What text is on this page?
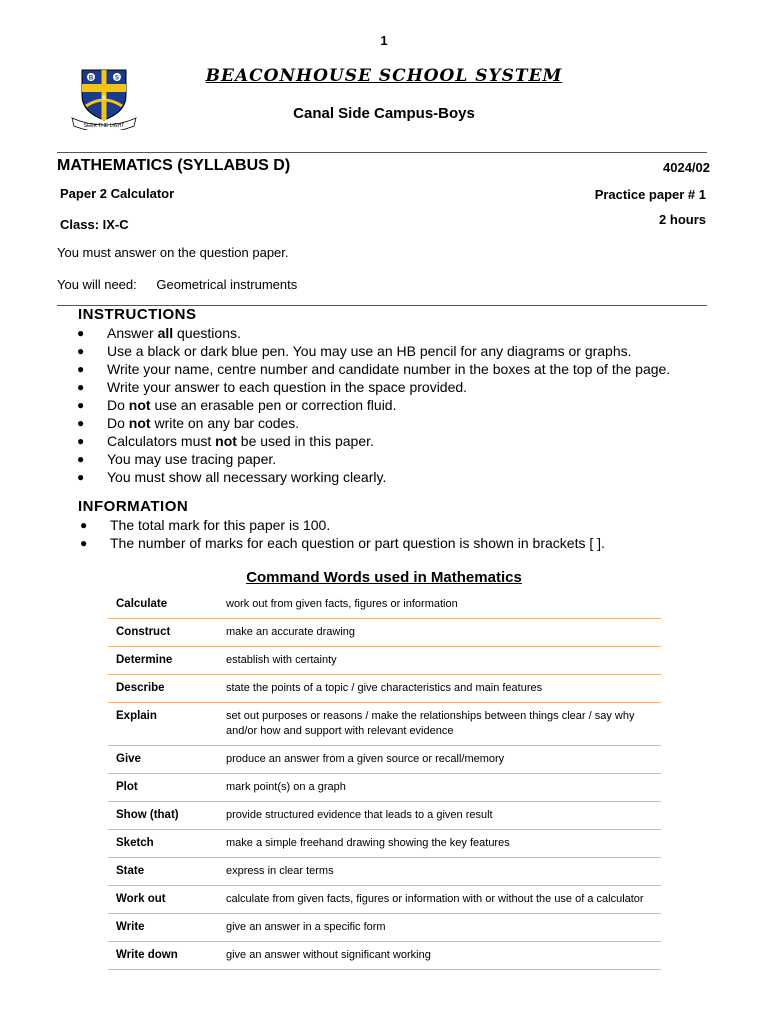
1
B	S
S
SEEK THE LIGHT
BEACONHOUSE SCHOOL SYSTEM
Canal Side Campus-Boys
MATHEMATICS (SYLLABUS D)	4024/02
Paper 2 Calculator	Practice paper # 1
Class: IX-C	2 hours
You must answer on the question paper.
You will need: Geometrical instruments
INSTRUCTIONS
● Answer all questions.
● Use a black or dark blue pen. You may use an HB pencil for any diagrams or graphs.
● Write your name, centre number and candidate number in the boxes at the top of the page.
● Write your answer to each question in the space provided.
● Do not use an erasable pen or correction fluid.
● Do not write on any bar codes.
● Calculators must not be used in this paper.
● You may use tracing paper.
● You must show all necessary working clearly.
INFORMATION
● The total mark for this paper is 100.
● The number of marks for each question or part question is shown in brackets [ ].
Command Words used in Mathematics
Calculate	work out from given facts, figures or information
Construct	make an accurate drawing
Determine	establish with certainty
Describe	state the points of a topic / give characteristics and main features
Explain	set out purposes or reasons / make the relationships between things clear / say why and/or how and support with relevant evidence
Give	produce an answer from a given source or recall/memory
Plot	mark point(s) on a graph
Show (that)	provide structured evidence that leads to a given result
Sketch	make a simple freehand drawing showing the key features
State	express in clear terms
Work out	calculate from given facts, figures or information with or without the use of a calculator
Write	give an answer in a specific form
Write down	give an answer without significant working
